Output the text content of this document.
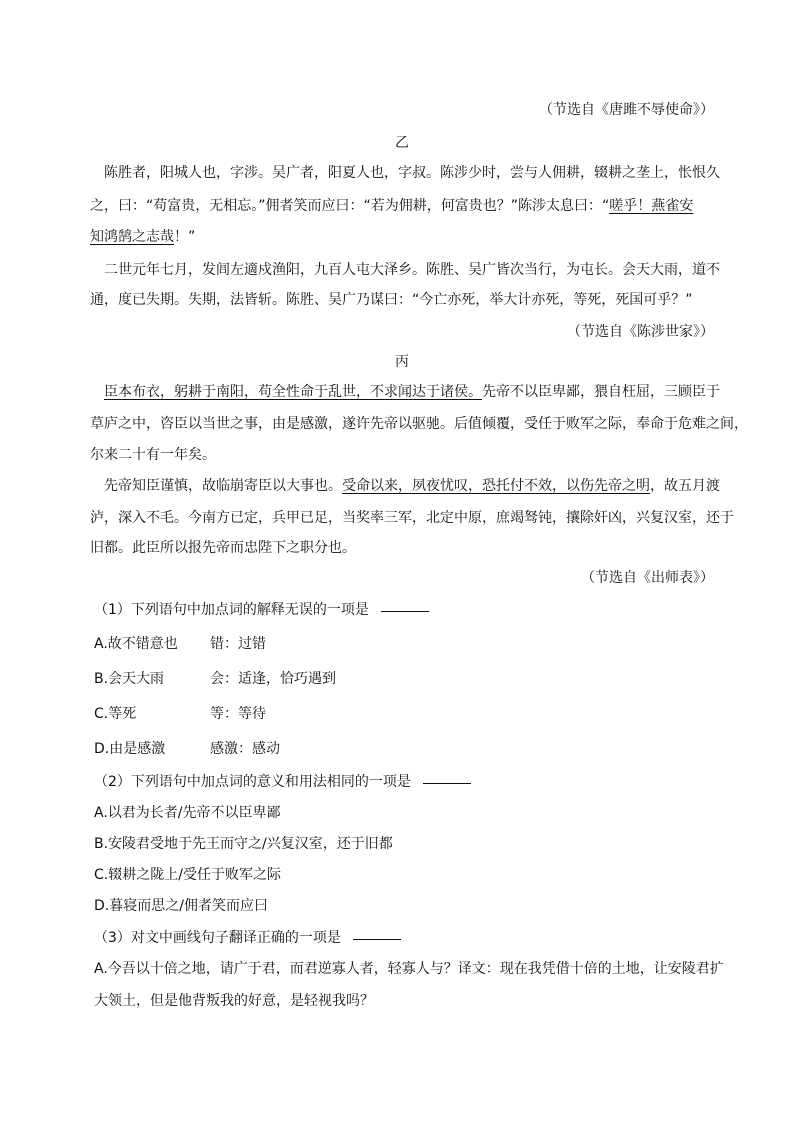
（节选自《唐雎不辱使命》）
乙
陈胜者，阳城人也，字涉。吴广者，阳夏人也，字叔。陈涉少时，尝与人佣耕，辍耕之垄上，怅恨久
之，曰：“苟富贵，无相忘。”佣者笑而应曰：“若为佣耕，何富贵也？”陈涉太息曰：“嗟乎！燕雀安
知鸿鹄之志哉！”
二世元年七月，发闾左適戍渔阳，九百人屯大泽乡。陈胜、吴广皆次当行，为屯长。会天大雨，道不
通，度已失期。失期，法皆斩。陈胜、吴广乃谋曰：“今亡亦死，举大计亦死，等死，死国可乎？”
（节选自《陈涉世家》）
丙
臣本布衣，躬耕于南阳，苟全性命于乱世，不求闻达于诸侯。先帝不以臣卑鄙，猥自枉屈，三顾臣于
草庐之中，咨臣以当世之事，由是感激，遂许先帝以驱驰。后值倾覆，受任于败军之际，奉命于危难之间，
尔来二十有一年矣。
先帝知臣谨慎，故临崩寄臣以大事也。受命以来，夙夜忧叹，恐托付不效，以伤先帝之明，故五月渡
泸，深入不毛。今南方已定，兵甲已足，当奖率三军，北定中原，庶竭驽钝，攘除奸凶，兴复汉室，还于
旧都。此臣所以报先帝而忠陛下之职分也。
（节选自《出师表》）
（1）下列语句中加点词的解释无误的一项是
A.故不错意也 错：过错
B.会天大雨	会：适逢，恰巧遇到
C.等死	等：等待
D.由是感激	感激：感动
（2）下列语句中加点词的意义和用法相同的一项是
A.以君为长者/先帝不以臣卑鄙
B.安陵君受地于先王而守之/兴复汉室，还于旧都
C.辍耕之陇上/受任于败军之际
D.暮寝而思之/佣者笑而应曰
（3）对文中画线句子翻译正确的一项是
A.今吾以十倍之地，请广于君，而君逆寡人者，轻寡人与？译文：现在我凭借十倍的土地，让安陵君扩
大领土，但是他背叛我的好意，是轻视我吗？
